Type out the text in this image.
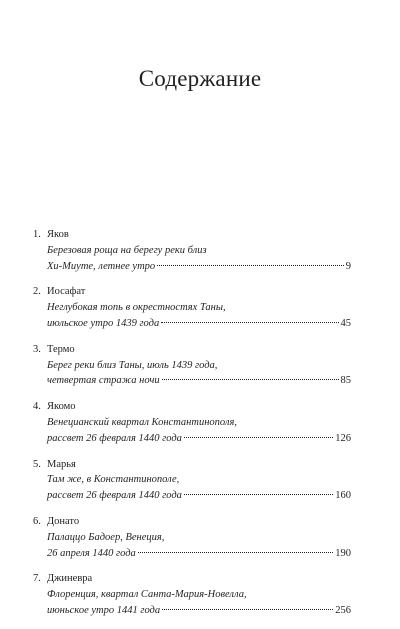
Содержание
1. Яков
Березовая роща на берегу реки близ
Хи-Миуте, летнее утро	9
2. Иосафат
Неглубокая топь в окрестностях Таны,
июльское утро 1439 года	45
3. Термо
Берег реки близ Таны, июль 1439 года,
четвертая стража ночи	85
4. Якомо
Венецианский квартал Константинополя,
рассвет 26 февраля 1440 года	126
5. Марья
Там же, в Константинополе,
рассвет 26 февраля 1440 года	160
6. Донато
Палаццо Бадоер, Венеция,
26 апреля 1440 года	190
7. Джиневра
Флоренция, квартал Санта-Мария-Новелла,
июньское утро 1441 года	256
